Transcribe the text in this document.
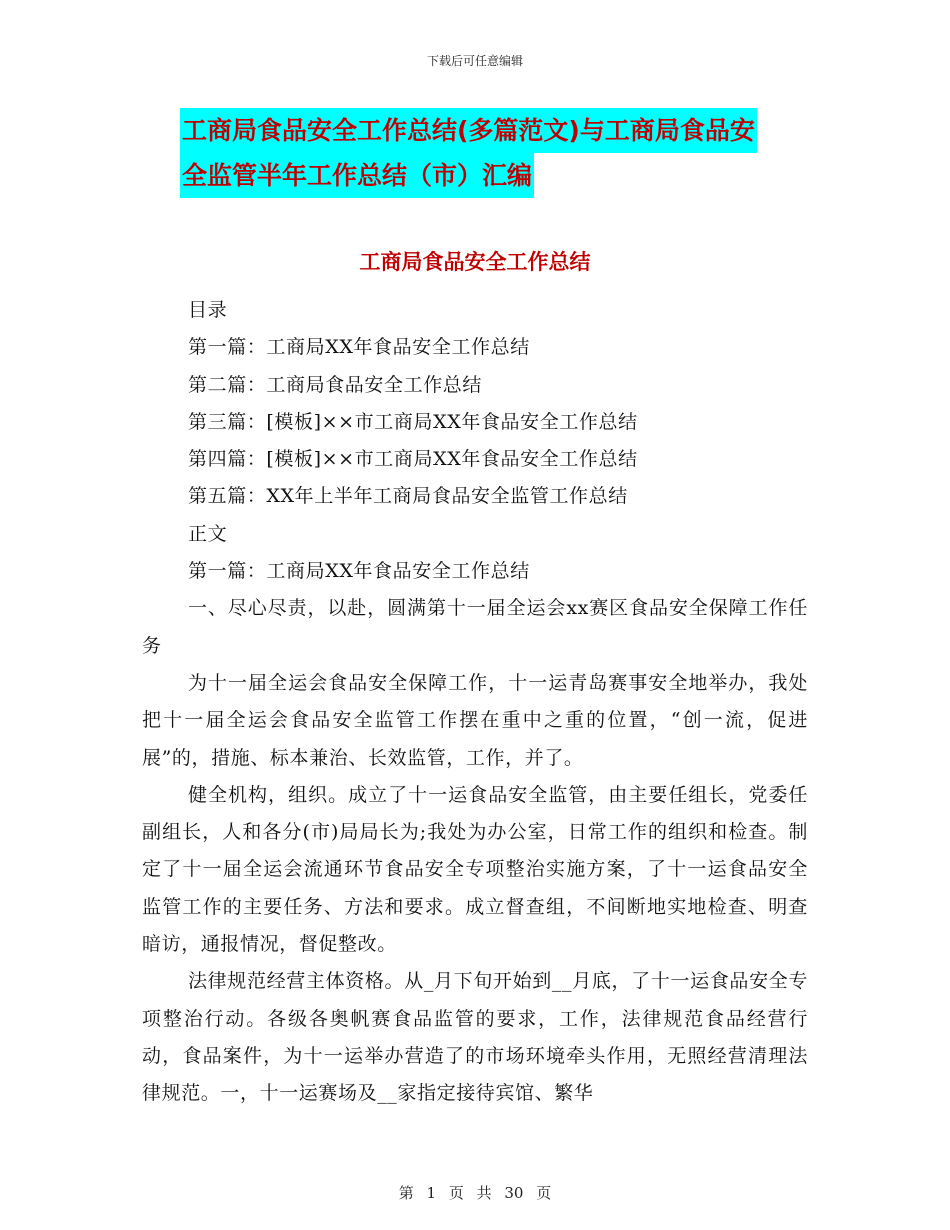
下载后可任意编辑
工商局食品安全工作总结(多篇范文)与工商局食品安
全监管半年工作总结（市）汇编
工商局食品安全工作总结

目录

第一篇：工商局XX年食品安全工作总结

第二篇：工商局食品安全工作总结

第三篇：[模板]××市工商局XX年食品安全工作总结

第四篇：[模板]××市工商局XX年食品安全工作总结

第五篇：XX年上半年工商局食品安全监管工作总结

正文

第一篇：工商局XX年食品安全工作总结

一、尽心尽责，以赴，圆满第十一届全运会xx赛区食品安全保障工作任务

为十一届全运会食品安全保障工作，十一运青岛赛事安全地举办，我处把十一届全运会食品安全监管工作摆在重中之重的位置，“创一流，促进展”的，措施、标本兼治、长效监管，工作，并了。

健全机构，组织。成立了十一运食品安全监管，由主要任组长，党委任副组长，人和各分(市)局局长为;我处为办公室，日常工作的组织和检查。制定了十一届全运会流通环节食品安全专项整治实施方案，了十一运食品安全监管工作的主要任务、方法和要求。成立督查组，不间断地实地检查、明查暗访，通报情况，督促整改。

法律规范经营主体资格。从_月下旬开始到__月底，了十一运食品安全专项整治行动。各级各奥帆赛食品监管的要求，工作，法律规范食品经营行动，食品案件，为十一运举办营造了的市场环境牵头作用，无照经营清理法律规范。一，十一运赛场及__家指定接待宾馆、繁华

第 1 页 共 30 页
